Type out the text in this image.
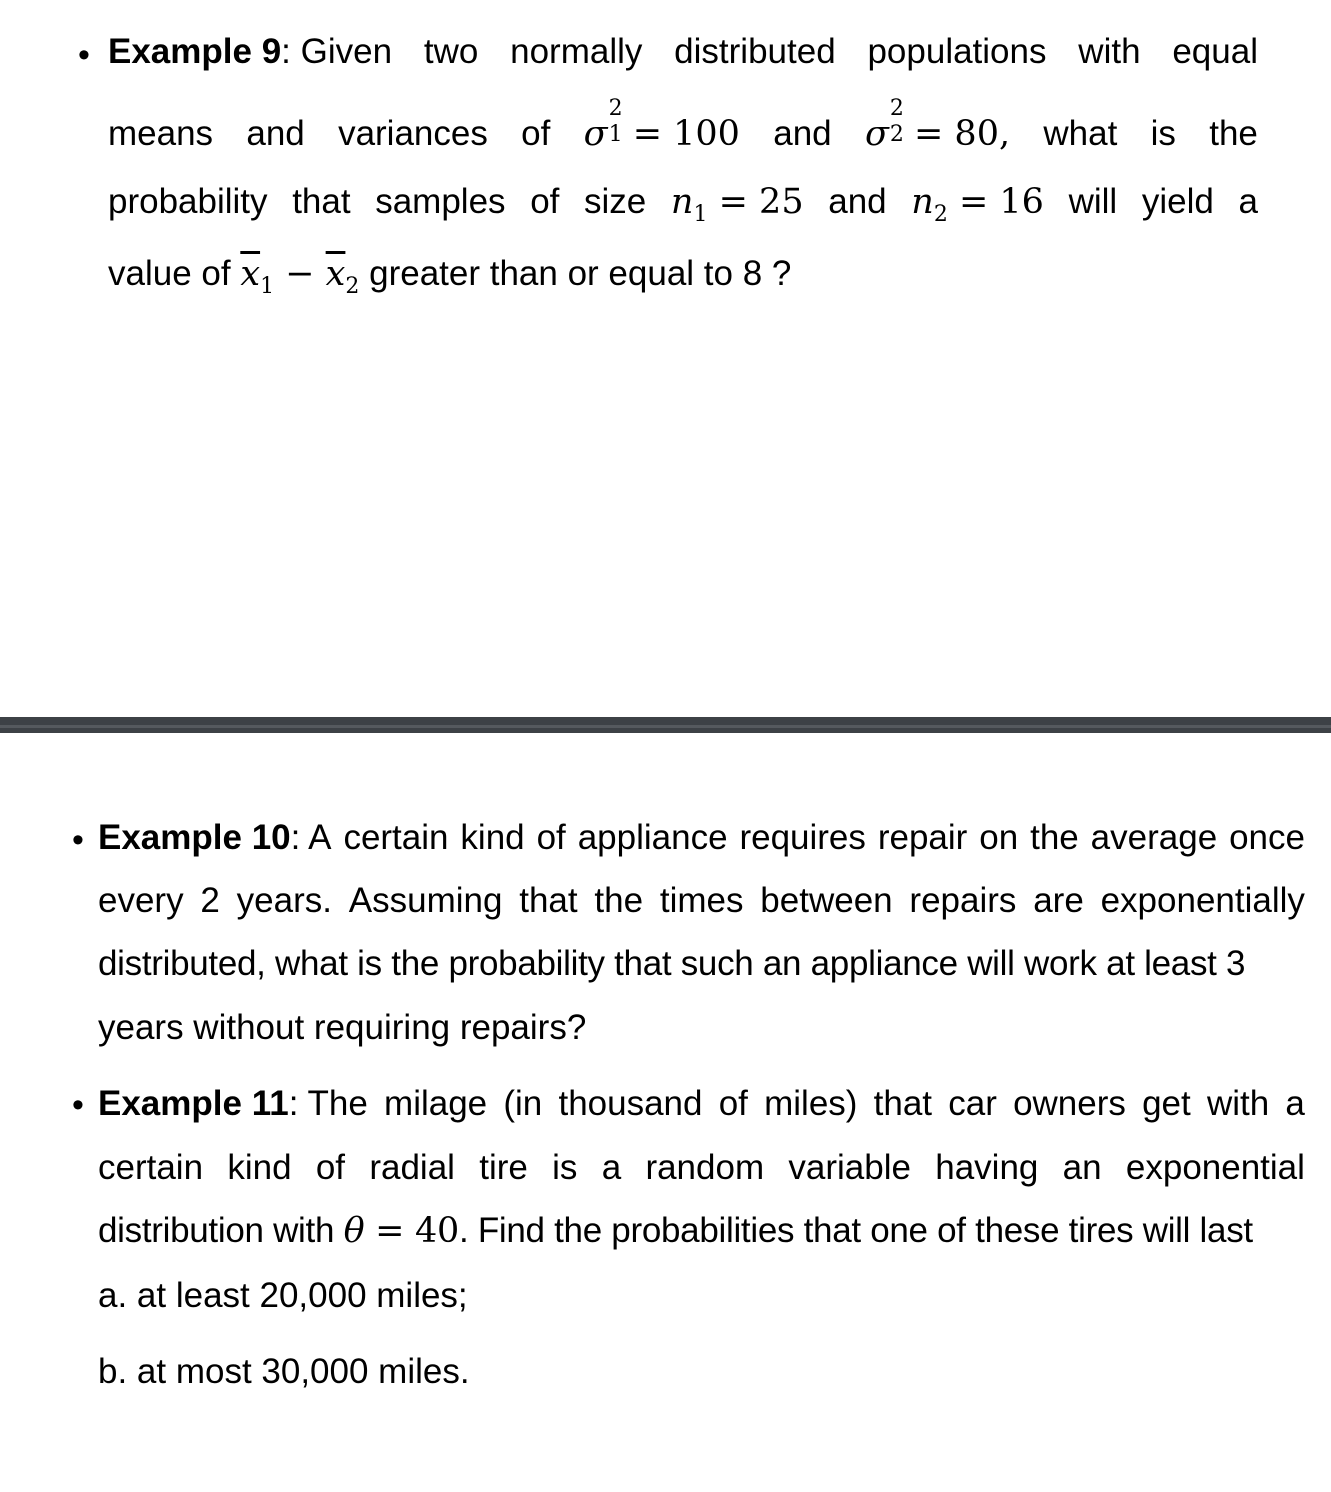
• Example 9: Given two normally distributed populations with equal
means and variances of σ
2
1 = 100 and σ
2
2 = 80, what is the
probability that samples of size $n_1 = 25$ and $n_2 = 16$ will yield a
value of $\overline{x}_1 - \overline{x}_2$ greater than or equal to 8 ?
• Example 10: A certain kind of appliance requires repair on the average once
every 2 years. Assuming that the times between repairs are exponentially
distributed, what is the probability that such an appliance will work at least 3
years without requiring repairs?
• Example 11: The milage (in thousand of miles) that car owners get with a
certain kind of radial tire is a random variable having an exponential
distribution with θ = 40. Find the probabilities that one of these tires will last
a. at least 20,000 miles;
b. at most 30,000 miles.
